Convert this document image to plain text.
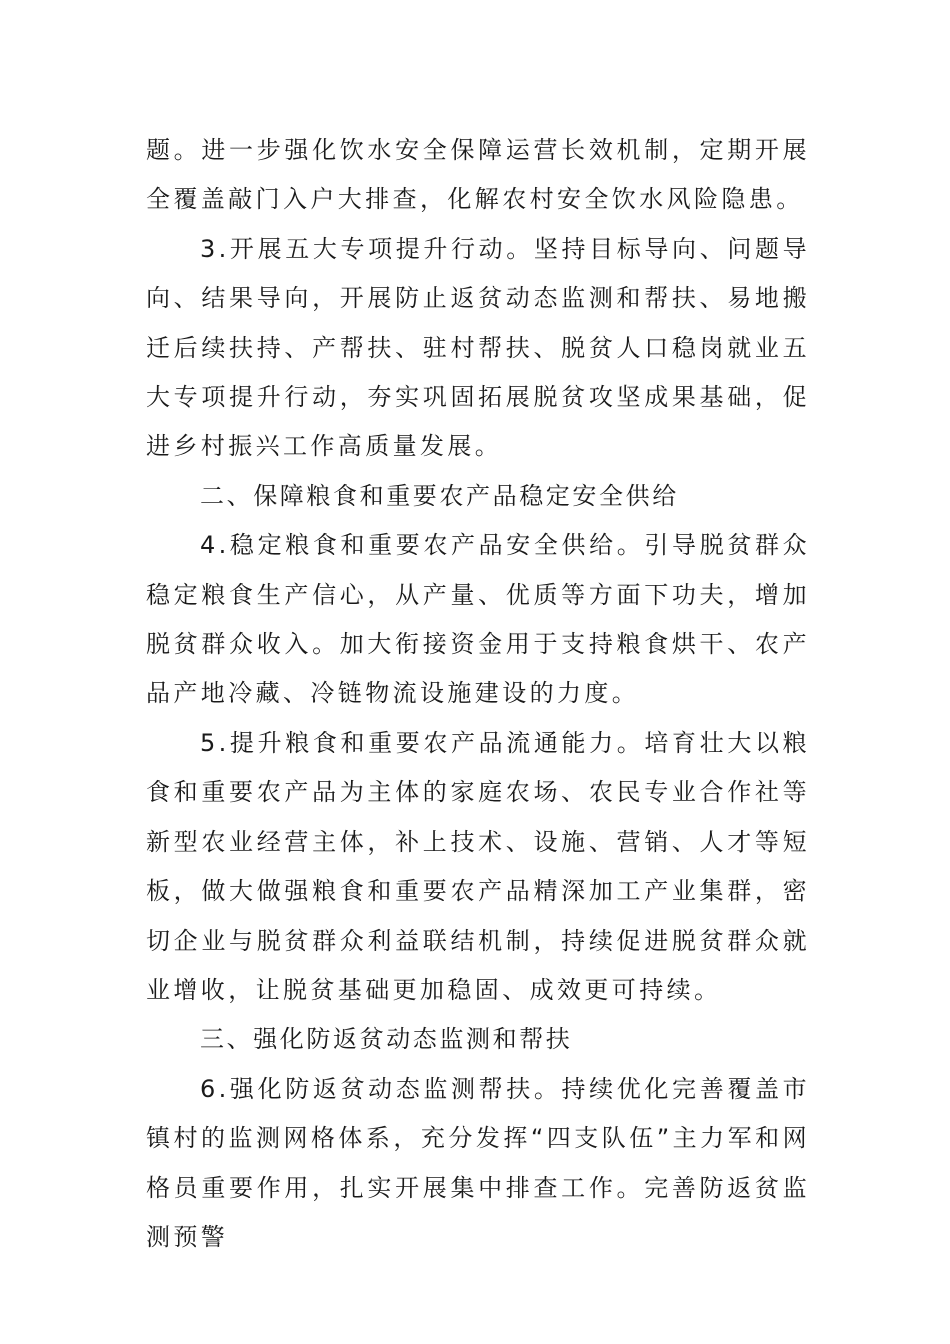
题。进一步强化饮水安全保障运营长效机制，定期开展全覆盖敲门入户大排查，化解农村安全饮水风险隐患。

3.开展五大专项提升行动。坚持目标导向、问题导向、结果导向，开展防止返贫动态监测和帮扶、易地搬迁后续扶持、产帮扶、驻村帮扶、脱贫人口稳岗就业五大专项提升行动，夯实巩固拓展脱贫攻坚成果基础，促进乡村振兴工作高质量发展。

二、保障粮食和重要农产品稳定安全供给

4.稳定粮食和重要农产品安全供给。引导脱贫群众稳定粮食生产信心，从产量、优质等方面下功夫，增加脱贫群众收入。加大衔接资金用于支持粮食烘干、农产品产地冷藏、冷链物流设施建设的力度。

5.提升粮食和重要农产品流通能力。培育壮大以粮食和重要农产品为主体的家庭农场、农民专业合作社等新型农业经营主体，补上技术、设施、营销、人才等短板，做大做强粮食和重要农产品精深加工产业集群，密切企业与脱贫群众利益联结机制，持续促进脱贫群众就业增收，让脱贫基础更加稳固、成效更可持续。

三、强化防返贫动态监测和帮扶

6.强化防返贫动态监测帮扶。持续优化完善覆盖市镇村的监测网格体系，充分发挥“四支队伍”主力军和网格员重要作用，扎实开展集中排查工作。完善防返贫监测预警
